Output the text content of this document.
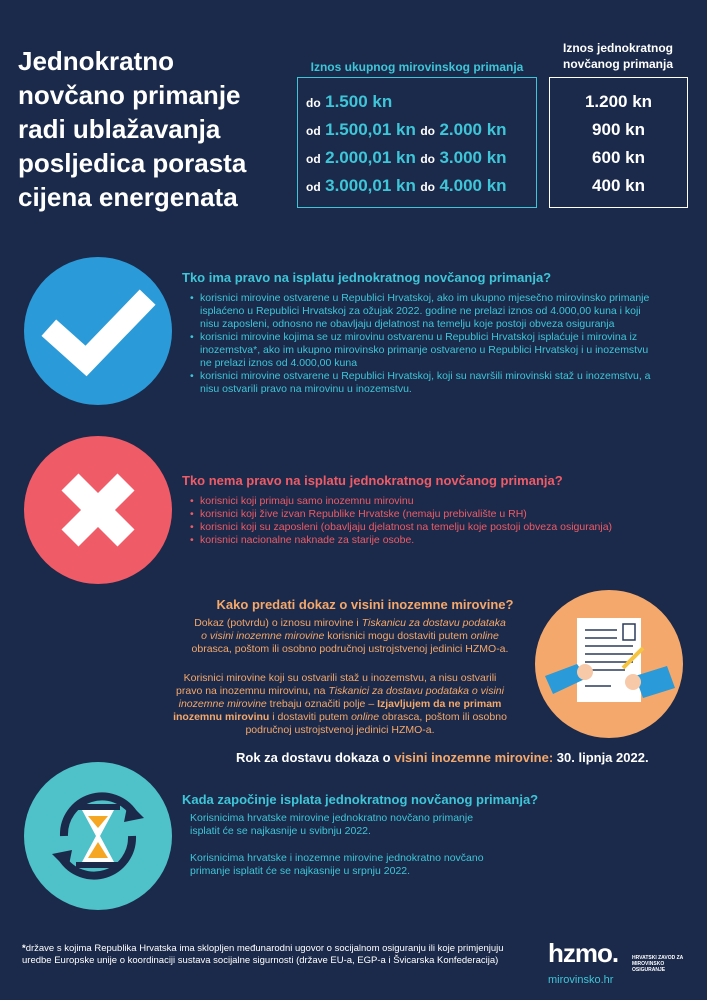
Jednokratno
novčano primanje
radi ublažavanja
posljedica porasta
cijena energenata
Iznos ukupnog mirovinskog primanja
Iznos jednokratnog
novčanog primanja
do 1.500 kn
od 1.500,01 kn do 2.000 kn
od 2.000,01 kn do 3.000 kn
od 3.000,01 kn do 4.000 kn
1.200 kn
900 kn
600 kn
400 kn
Tko ima pravo na isplatu jednokratnog novčanog primanja?
• korisnici mirovine ostvarene u Republici Hrvatskoj, ako im ukupno mjesečno mirovinsko primanje isplaćeno u Republici Hrvatskoj za ožujak 2022. godine ne prelazi iznos od 4.000,00 kuna i koji nisu zaposleni, odnosno ne obavljaju djelatnost na temelju koje postoji obveza osiguranja
• korisnici mirovine kojima se uz mirovinu ostvarenu u Republici Hrvatskoj isplaćuje i mirovina iz inozemstva*, ako im ukupno mirovinsko primanje ostvareno u Republici Hrvatskoj i u inozemstvu ne prelazi iznos od 4.000,00 kuna
• korisnici mirovine ostvarene u Republici Hrvatskoj, koji su navršili mirovinski staž u inozemstvu, a nisu ostvarili pravo na mirovinu u inozemstvu.
Tko nema pravo na isplatu jednokratnog novčanog primanja?
• korisnici koji primaju samo inozemnu mirovinu
• korisnici koji žive izvan Republike Hrvatske (nemaju prebivalište u RH)
• korisnici koji su zaposleni (obavljaju djelatnost na temelju koje postoji obveza osiguranja)
• korisnici nacionalne naknade za starije osobe.
Kako predati dokaz o visini inozemne mirovine?
Dokaz (potvrdu) o iznosu mirovine i Tiskanicu za dostavu podataka
o visini inozemne mirovine korisnici mogu dostaviti putem online
obrasca, poštom ili osobno područnoj ustrojstvenoj jedinici HZMO-a.
Korisnici mirovine koji su ostvarili staž u inozemstvu, a nisu ostvarili
pravo na inozemnu mirovinu, na Tiskanici za dostavu podataka o visini
inozemne mirovine trebaju označiti polje – Izjavljujem da ne primam
inozemnu mirovinu i dostaviti putem online obrasca, poštom ili osobno
područnoj ustrojstvenoj jedinici HZMO-a.
Rok za dostavu dokaza o visini inozemne mirovine: 30. lipnja 2022.
Kada započinje isplata jednokratnog novčanog primanja?
Korisnicima hrvatske mirovine jednokratno novčano primanje
isplatit će se najkasnije u svibnju 2022.
Korisnicima hrvatske i inozemne mirovine jednokratno novčano
primanje isplatit će se najkasnije u srpnju 2022.
*države s kojima Republika Hrvatska ima sklopljen međunarodni ugovor o socijalnom osiguranju ili koje primjenjuju
uredbe Europske unije o koordinaciji sustava socijalne sigurnosti (države EU-a, EGP-a i Švicarska Konfederacija)	hzmo.	HRVATSKI ZAVOD ZA
MIROVINSKO OSIGURANJE
mirovinsko.hr
